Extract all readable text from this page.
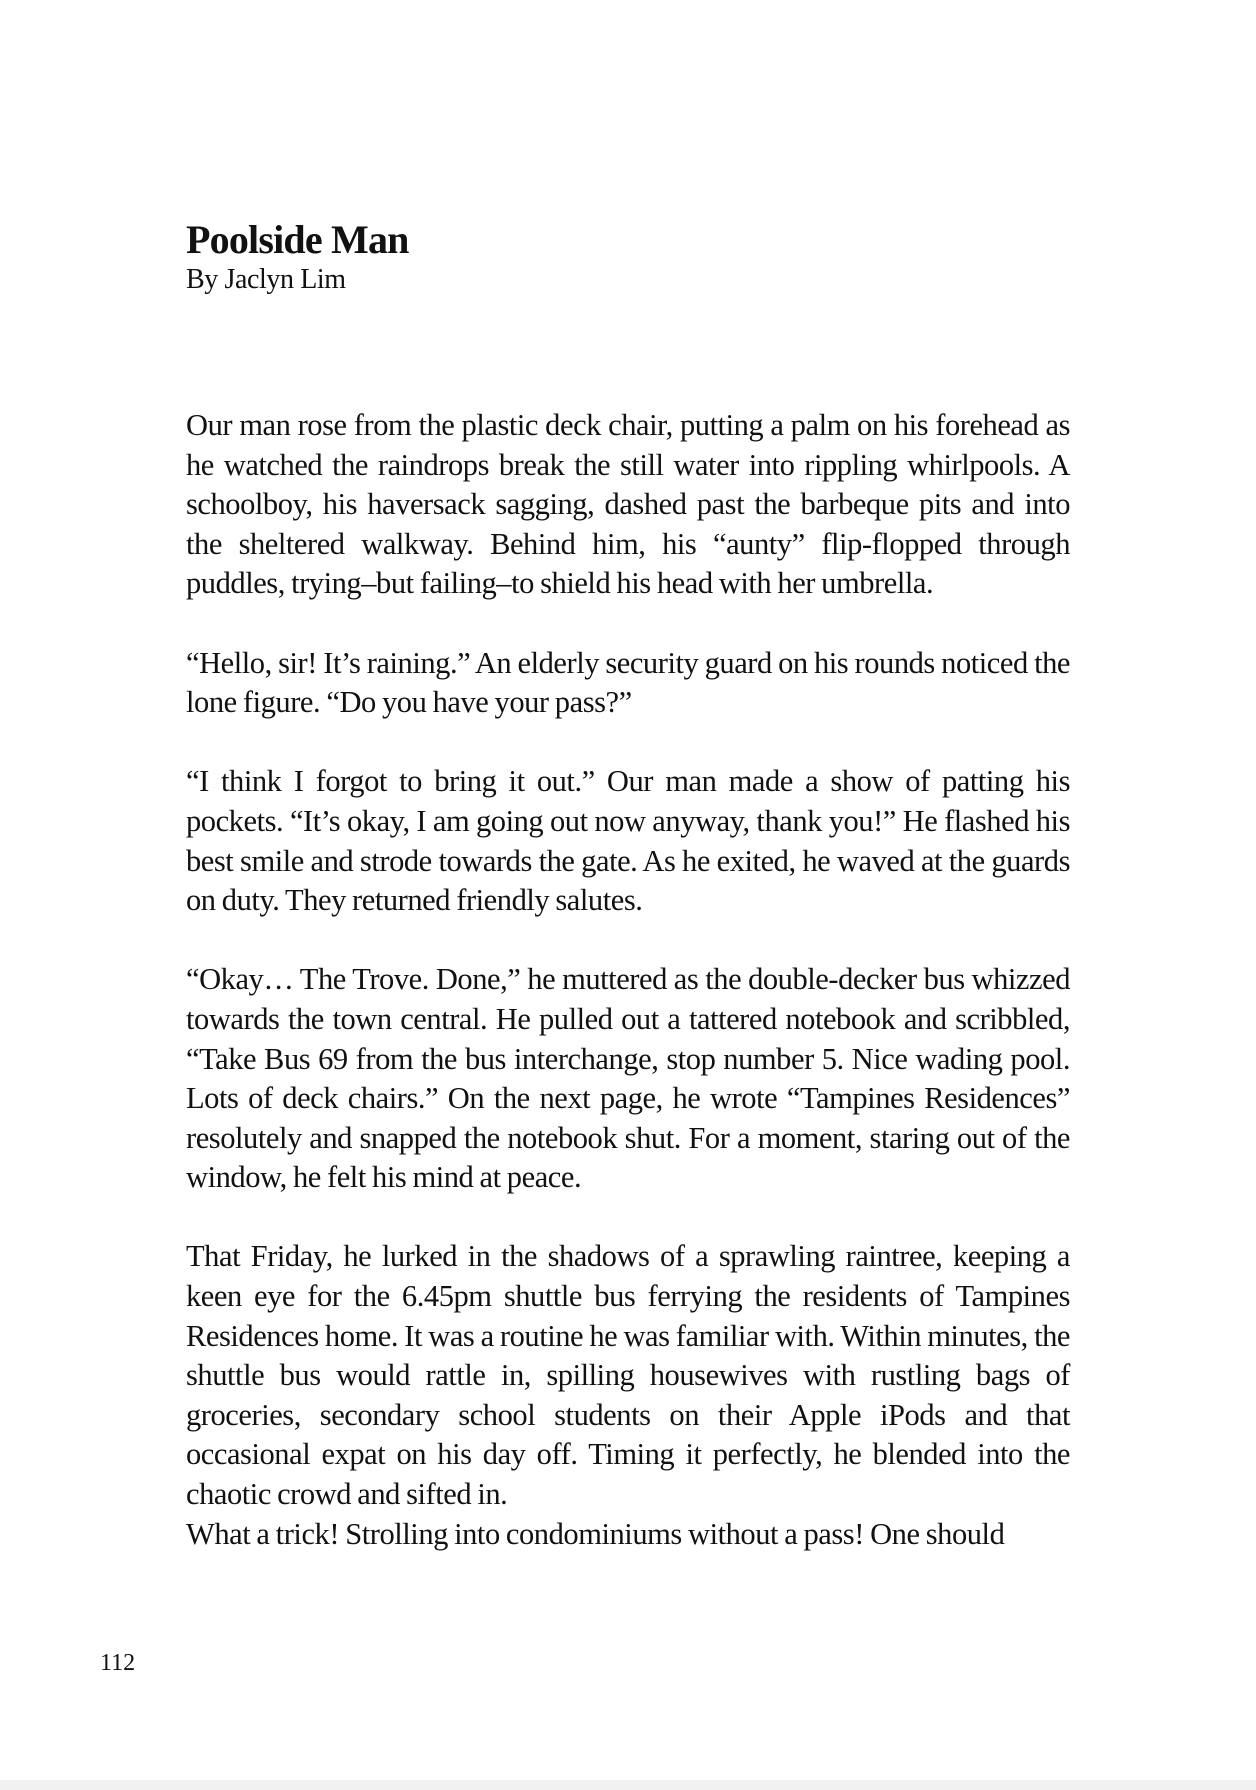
Poolside Man
By Jaclyn Lim

Our man rose from the plastic deck chair, putting a palm on his forehead as he watched the raindrops break the still water into rippling whirlpools. A schoolboy, his haversack sagging, dashed past the barbeque pits and into the sheltered walkway. Behind him, his “aunty” flip-flopped through puddles, trying–but failing–to shield his head with her umbrella.

“Hello, sir! It’s raining.” An elderly security guard on his rounds noticed the lone figure. “Do you have your pass?”

“I think I forgot to bring it out.” Our man made a show of patting his pockets. “It’s okay, I am going out now anyway, thank you!” He flashed his best smile and strode towards the gate. As he exited, he waved at the guards on duty. They returned friendly salutes.

“Okay… The Trove. Done,” he muttered as the double-decker bus whizzed towards the town central. He pulled out a tattered notebook and scribbled, “Take Bus 69 from the bus interchange, stop number 5. Nice wading pool. Lots of deck chairs.” On the next page, he wrote “Tampines Residences” resolutely and snapped the notebook shut. For a moment, staring out of the window, he felt his mind at peace.

That Friday, he lurked in the shadows of a sprawling raintree, keeping a keen eye for the 6.45pm shuttle bus ferrying the residents of Tampines Residences home. It was a routine he was familiar with. Within minutes, the shuttle bus would rattle in, spilling housewives with rustling bags of groceries, secondary school students on their Apple iPods and that occasional expat on his day off. Timing it perfectly, he blended into the chaotic crowd and sifted in.

What a trick! Strolling into condominiums without a pass! One should

112
